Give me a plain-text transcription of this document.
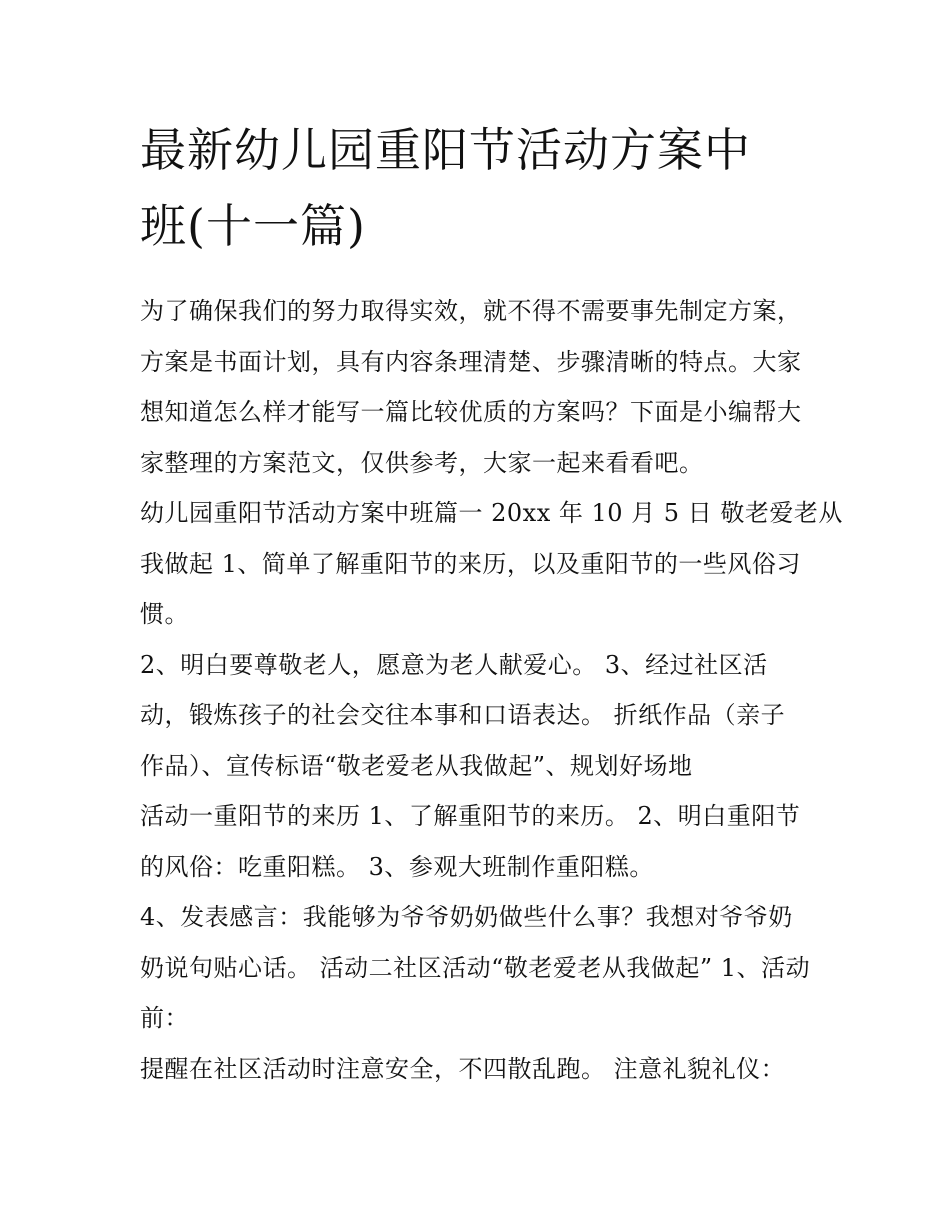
最新幼儿园重阳节活动方案中
班(十一篇)

为了确保我们的努力取得实效，就不得不需要事先制定方案，
方案是书面计划，具有内容条理清楚、步骤清晰的特点。大家
想知道怎么样才能写一篇比较优质的方案吗？下面是小编帮大
家整理的方案范文，仅供参考，大家一起来看看吧。

幼儿园重阳节活动方案中班篇一 20xx 年 10 月 5 日 敬老爱老从
我做起 1、简单了解重阳节的来历，以及重阳节的一些风俗习
惯。

2、明白要尊敬老人，愿意为老人献爱心。 3、经过社区活
动，锻炼孩子的社会交往本事和口语表达。 折纸作品（亲子
作品）、宣传标语“敬老爱老从我做起”、规划好场地

活动一重阳节的来历 1、了解重阳节的来历。 2、明白重阳节
的风俗：吃重阳糕。 3、参观大班制作重阳糕。

4、发表感言：我能够为爷爷奶奶做些什么事？我想对爷爷奶
奶说句贴心话。 活动二社区活动“敬老爱老从我做起” 1、活动
前：

提醒在社区活动时注意安全，不四散乱跑。 注意礼貌礼仪：
